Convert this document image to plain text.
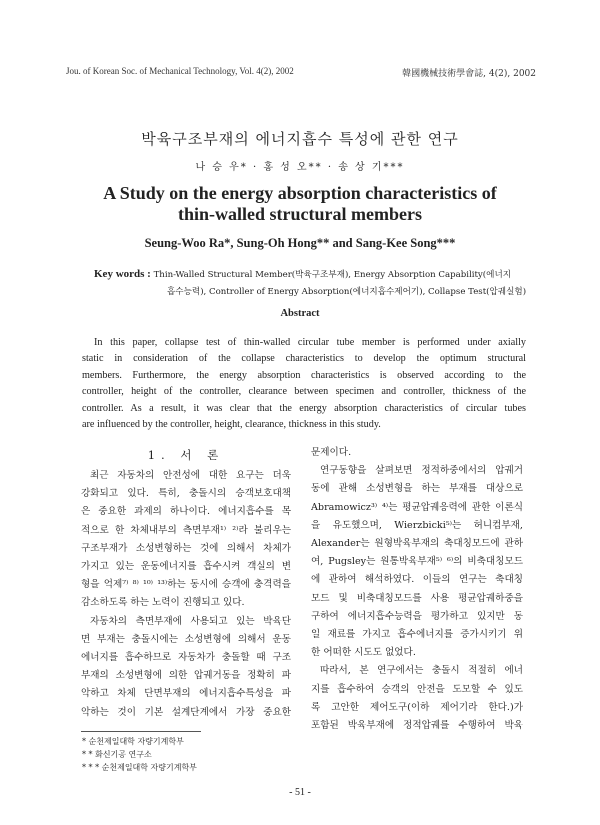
Jou. of Korean Soc. of Mechanical Technology, Vol. 4(2), 2002	韓國機械技術學會誌, 4(2), 2002
박육구조부재의 에너지흡수 특성에 관한 연구
나 승 우* · 홍 성 오** · 송 상 기***
A Study on the energy absorption characteristics of
thin-walled structural members
Seung-Woo Ra*, Sung-Oh Hong** and Sang-Kee Song***
Key words : Thin-Walled Structural Member(박육구조부재), Energy Absorption Capability(에너지
흡수능력), Controller of Energy Absorption(에너지흡수제어기), Collapse Test(압궤실험)
Abstract
In this paper, collapse test of thin-walled circular tube member is performed under axially
static in consideration of the collapse characteristics to develop the optimum structural
members. Furthermore, the energy absorption characteristics is observed according to the
controller, height of the controller, clearance between specimen and controller, thickness of the
controller. As a result, it was clear that the energy absorption characteristics of circular tubes
are influenced by the controller, height, clearance, thickness in this study.
1. 서 론
최근 자동차의 안전성에 대한 요구는 더욱
강화되고 있다. 특히, 충돌시의 승객보호대책
은 중요한 과제의 하나이다. 에너지흡수를 목
적으로 한 차체내부의 측면부재¹⁾ ²⁾라 불리우는
구조부재가 소성변형하는 것에 의해서 차체가
가지고 있는 운동에너지를 흡수시켜 객실의 변
형을 억제⁷⁾ ⁸⁾ ¹⁰⁾ ¹³⁾하는 동시에 승객에 충격력을
감소하도록 하는 노력이 진행되고 있다.
자동차의 측면부재에 사용되고 있는 박육단
면 부재는 충돌시에는 소성변형에 의해서 운동
에너지를 흡수하므로 자동차가 충돌할 때 구조
부재의 소성변형에 의한 압궤거동을 정확히 파
악하고 차체 단면부재의 에너지흡수특성을 파
악하는 것이 기본 설계단계에서 가장 중요한
문제이다.
연구동향을 살펴보면 정적하중에서의 압궤거
동에 관해 소성변형을 하는 부재를 대상으로
Abramowicz³⁾ ⁴⁾는 평균압궤응력에 관한 이론식
을 유도했으며, Wierzbicki⁵⁾는 허니컴부재,
Alexander는 원형박육부재의 축대칭모드에 관하
여, Pugsley는 원통박육부재⁵⁾ ⁶⁾의 비축대칭모드
에 관하여 해석하였다. 이들의 연구는 축대칭
모드 및 비축대칭모드를 사용 평균압궤하중을
구하여 에너지흡수능력을 평가하고 있지만 동
일 재료를 가지고 흡수에너지를 증가시키기 위
한 어떠한 시도도 없었다.
따라서, 본 연구에서는 충돌시 적절히 에너
지를 흡수하여 승객의 안전을 도모할 수 있도
록 고안한 제어도구(이하 제어기라 한다.)가
포함된 박육부재에 정적압궤를 수행하여 박육
* 순천제일대학 자량기계학부
* * 화신기공 연구소
* * * 순천제일대학 자량기계학부
- 51 -
